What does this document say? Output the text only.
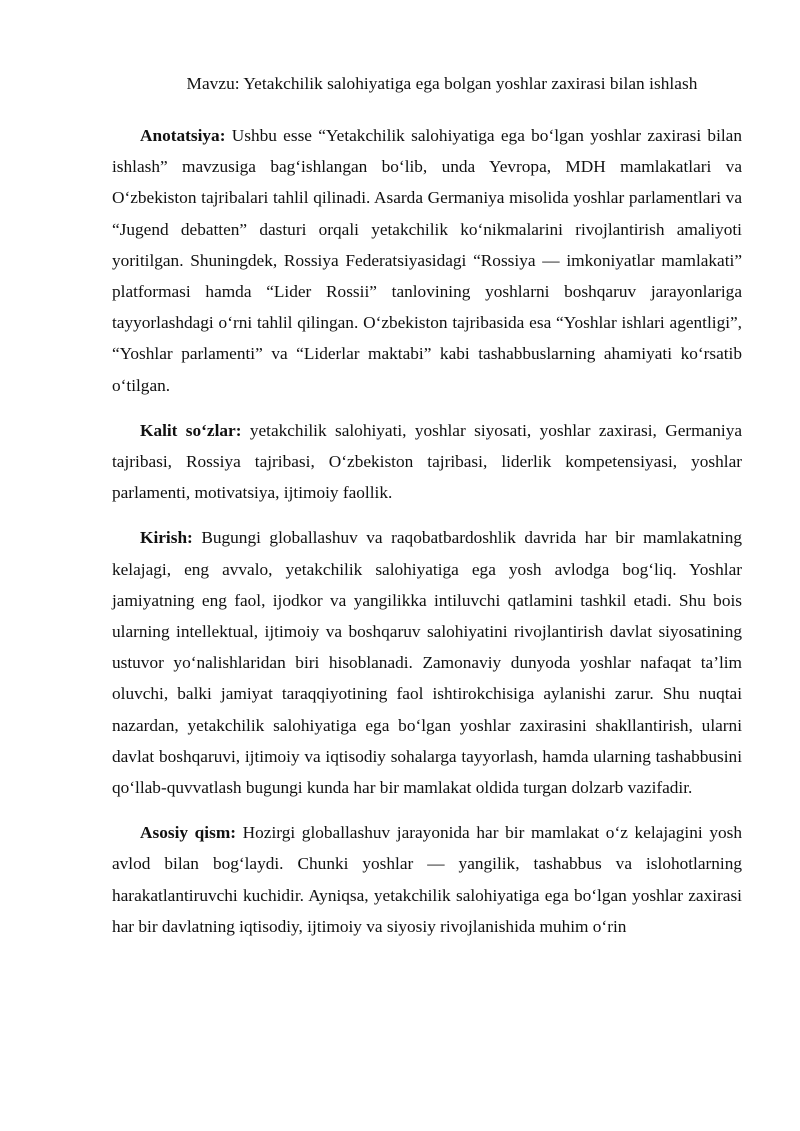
Mavzu: Yetakchilik salohiyatiga ega bolgan yoshlar zaxirasi bilan ishlash

Anotatsiya: Ushbu esse “Yetakchilik salohiyatiga ega bo‘lgan yoshlar zaxirasi bilan ishlash” mavzusiga bag‘ishlangan bo‘lib, unda Yevropa, MDH mamlakatlari va O‘zbekiston tajribalari tahlil qilinadi. Asarda Germaniya misolida yoshlar parlamentlari va “Jugend debatten” dasturi orqali yetakchilik ko‘nikmalarini rivojlantirish amaliyoti yoritilgan. Shuningdek, Rossiya Federatsiyasidagi “Rossiya — imkoniyatlar mamlakati” platformasi hamda “Lider Rossii” tanlovining yoshlarni boshqaruv jarayonlariga tayyorlashdagi o‘rni tahlil qilingan. O‘zbekiston tajribasida esa “Yoshlar ishlari agentligi”, “Yoshlar parlamenti” va “Liderlar maktabi” kabi tashabbuslarning ahamiyati ko‘rsatib o‘tilgan.

Kalit so‘zlar: yetakchilik salohiyati, yoshlar siyosati, yoshlar zaxirasi, Germaniya tajribasi, Rossiya tajribasi, O‘zbekiston tajribasi, liderlik kompetensiyasi, yoshlar parlamenti, motivatsiya, ijtimoiy faollik.

Kirish: Bugungi globallashuv va raqobatbardoshlik davrida har bir mamlakatning kelajagi, eng avvalo, yetakchilik salohiyatiga ega yosh avlodga bog‘liq. Yoshlar jamiyatning eng faol, ijodkor va yangilikka intiluvchi qatlamini tashkil etadi. Shu bois ularning intellektual, ijtimoiy va boshqaruv salohiyatini rivojlantirish davlat siyosatining ustuvor yo‘nalishlaridan biri hisoblanadi. Zamonaviy dunyoda yoshlar nafaqat ta’lim oluvchi, balki jamiyat taraqqiyotining faol ishtirokchisiga aylanishi zarur. Shu nuqtai nazardan, yetakchilik salohiyatiga ega bo‘lgan yoshlar zaxirasini shakllantirish, ularni davlat boshqaruvi, ijtimoiy va iqtisodiy sohalarga tayyorlash, hamda ularning tashabbusini qo‘llab-quvvatlash bugungi kunda har bir mamlakat oldida turgan dolzarb vazifadir.

Asosiy qism: Hozirgi globallashuv jarayonida har bir mamlakat o‘z kelajagini yosh avlod bilan bog‘laydi. Chunki yoshlar — yangilik, tashabbus va islohotlarning harakatlantiruvchi kuchidir. Ayniqsa, yetakchilik salohiyatiga ega bo‘lgan yoshlar zaxirasi har bir davlatning iqtisodiy, ijtimoiy va siyosiy rivojlanishida muhim o‘rin
